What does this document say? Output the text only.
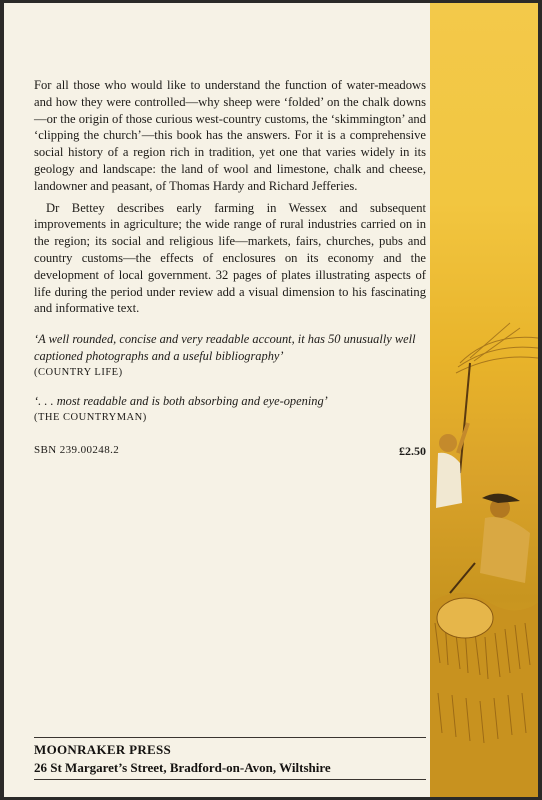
For all those who would like to understand the function of water-meadows and how they were controlled—why sheep were ‘folded’ on the chalk downs—or the origin of those curious west-country customs, the ‘skimmington’ and ‘clipping the church’—this book has the answers. For it is a comprehensive social history of a region rich in tradition, yet one that varies widely in its geology and landscape: the land of wool and limestone, chalk and cheese, landowner and peasant, of Thomas Hardy and Richard Jefferies.

Dr Bettey describes early farming in Wessex and subsequent improvements in agriculture; the wide range of rural industries carried on in the region; its social and religious life—markets, fairs, churches, pubs and country customs—the effects of enclosures on its economy and the development of local government. 32 pages of plates illustrating aspects of life during the period under review add a visual dimension to his fascinating and informative text.

‘A well rounded, concise and very readable account, it has 50 unusually well captioned photographs and a useful bibliography’
(COUNTRY LIFE)
‘. . . most readable and is both absorbing and eye-opening’
(THE COUNTRYMAN)
SBN 239.00248.2	£2.50
MOONRAKER PRESS
26 St Margaret’s Street, Bradford-on-Avon, Wiltshire
